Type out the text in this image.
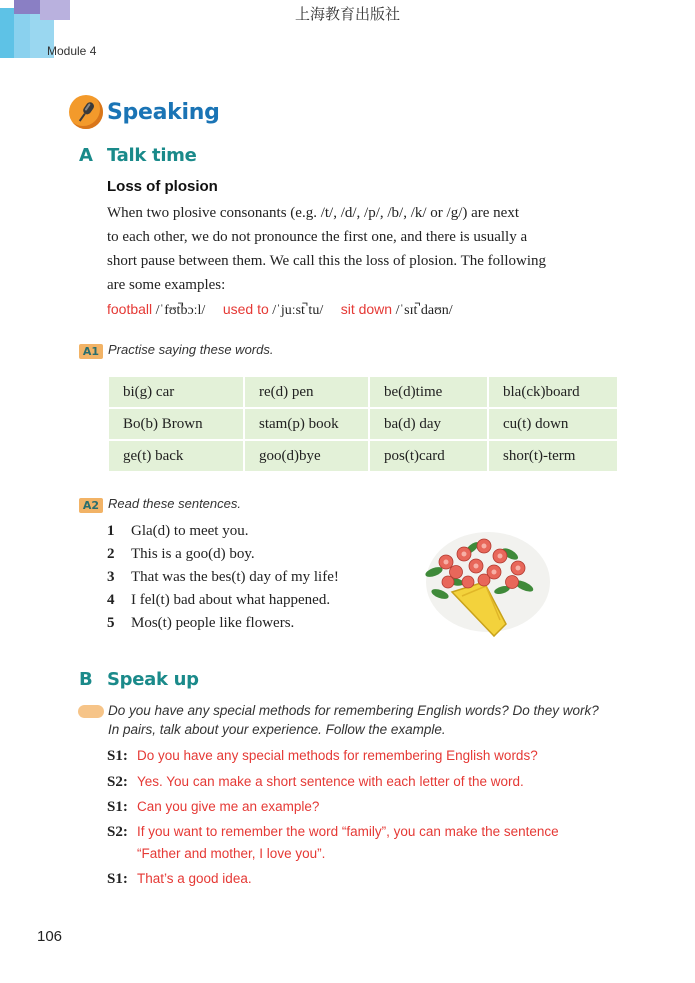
上海教育出版社
Module 4
Speaking
A Talk time
Loss of plosion
When two plosive consonants (e.g. /t/, /d/, /p/, /b/, /k/ or /g/) are next
to each other, we do not pronounce the first one, and there is usually a
short pause between them. We call this the loss of plosion. The following
are some examples:
football /ˈfʊt̚bɔːl/ used to /ˈjuːst̚ tu/ sit down /ˈsɪt̚ daʊn/
A1 Practise saying these words.
bi(g) car	re(d) pen	be(d)time	bla(ck)board
Bo(b) Brown	stam(p) book	ba(d) day	cu(t) down
ge(t) back	goo(d)bye	pos(t)card	shor(t)-term
A2 Read these sentences.
1 Gla(d) to meet you.
2 This is a goo(d) boy.
3 That was the bes(t) day of my life!
4 I fel(t) bad about what happened.
5 Mos(t) people like flowers.
B Speak up
Do you have any special methods for remembering English words? Do they work?
In pairs, talk about your experience. Follow the example.
S1: Do you have any special methods for remembering English words?
S2: Yes. You can make a short sentence with each letter of the word.
S1: Can you give me an example?
S2: If you want to remember the word “family”, you can make the sentence
“Father and mother, I love you”.
S1: That’s a good idea.
106
